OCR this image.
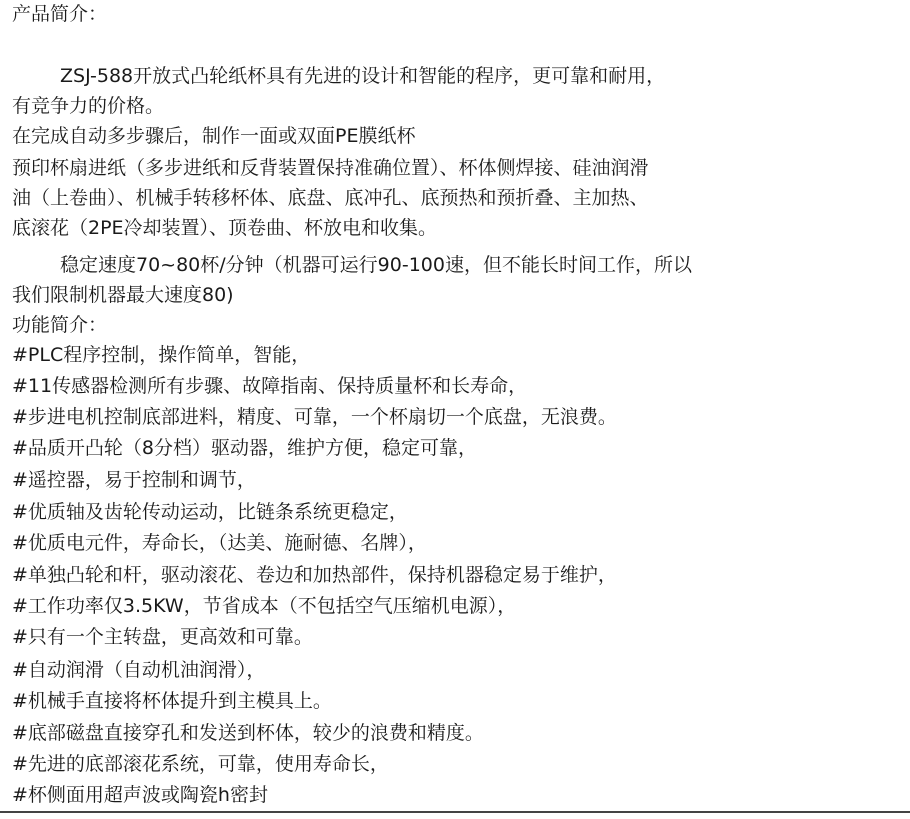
产品简介：
ZSJ-588开放式凸轮纸杯具有先进的设计和智能的程序，更可靠和耐用，
有竞争力的价格。
在完成自动多步骤后，制作一面或双面PE膜纸杯
预印杯扇进纸（多步进纸和反背装置保持准确位置）、杯体侧焊接、硅油润滑
油（上卷曲）、机械手转移杯体、底盘、底冲孔、底预热和预折叠、主加热、
底滚花（2PE冷却装置）、顶卷曲、杯放电和收集。
稳定速度70~80杯/分钟（机器可运行90-100速，但不能长时间工作，所以
我们限制机器最大速度80)
功能简介：
#PLC程序控制，操作简单，智能，
#11传感器检测所有步骤、故障指南、保持质量杯和长寿命，
#步进电机控制底部进料，精度、可靠，一个杯扇切一个底盘，无浪费。
#品质开凸轮（8分档）驱动器，维护方便，稳定可靠，
#遥控器，易于控制和调节，
#优质轴及齿轮传动运动，比链条系统更稳定，
#优质电元件，寿命长，（达美、施耐德、名牌），
#单独凸轮和杆，驱动滚花、卷边和加热部件，保持机器稳定易于维护，
#工作功率仅3.5KW，节省成本（不包括空气压缩机电源），
#只有一个主转盘，更高效和可靠。
#自动润滑（自动机油润滑），
#机械手直接将杯体提升到主模具上。
#底部磁盘直接穿孔和发送到杯体，较少的浪费和精度。
#先进的底部滚花系统，可靠，使用寿命长，
#杯侧面用超声波或陶瓷h密封
